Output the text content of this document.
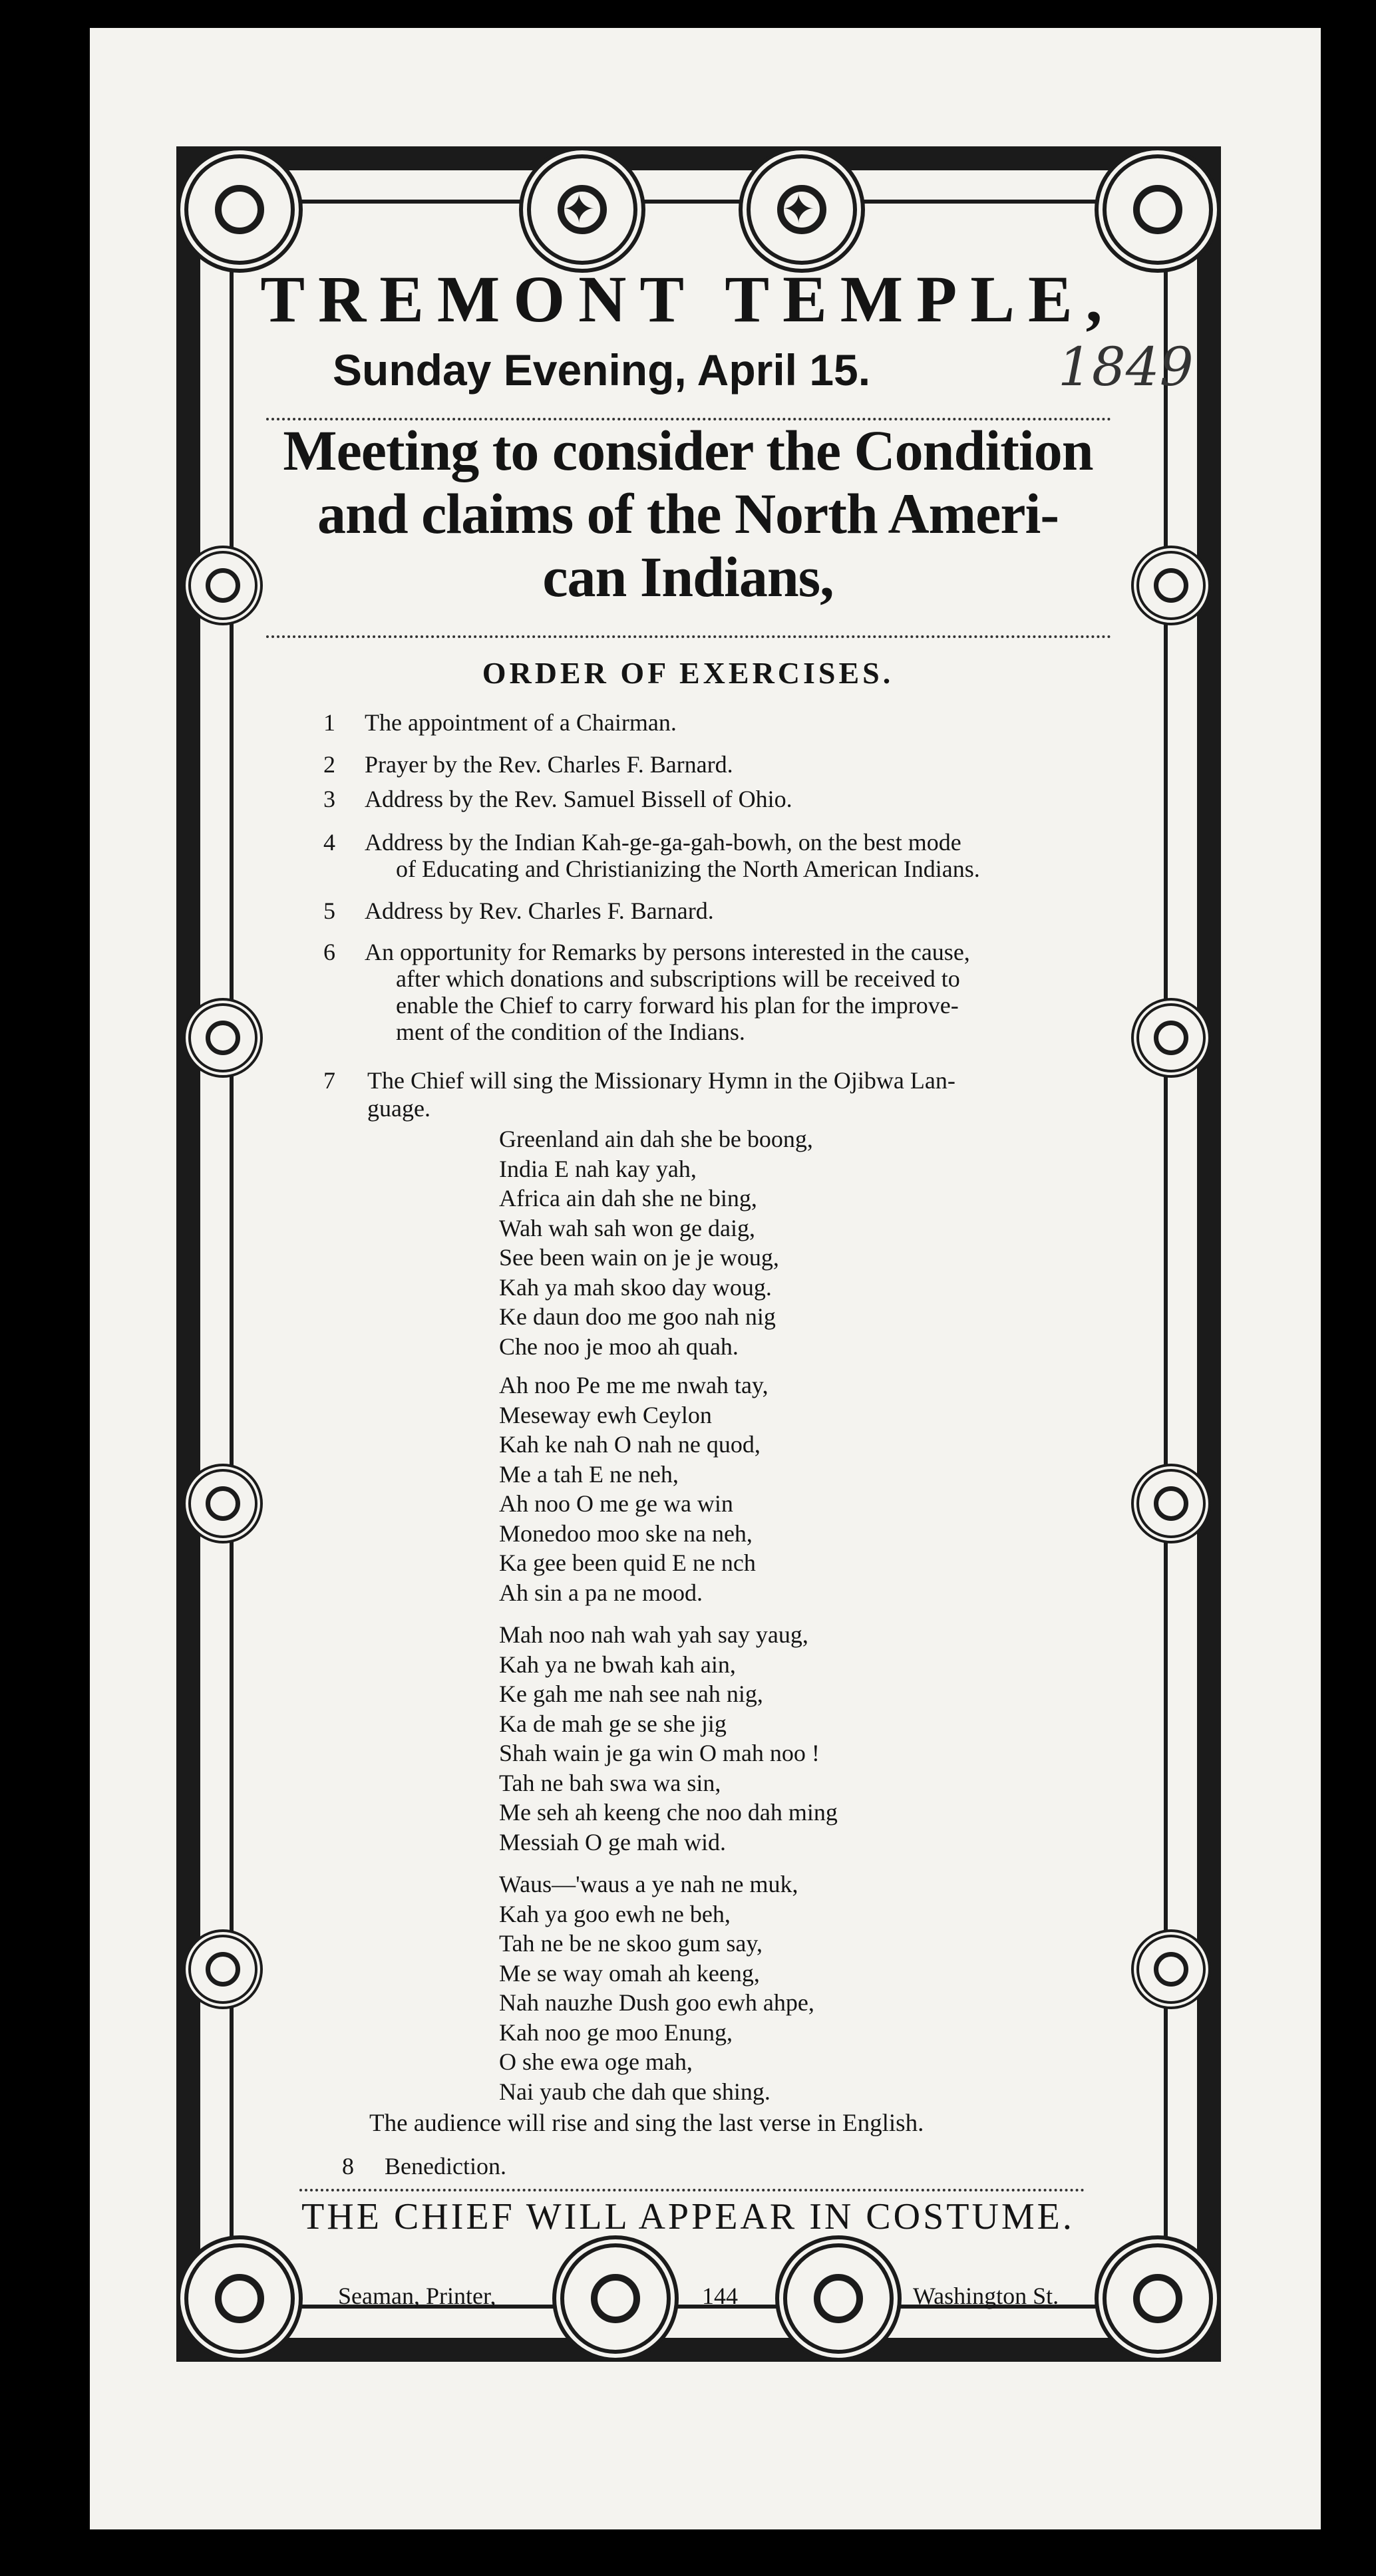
✦	✦
TREMONT TEMPLE,
Sunday Evening, April 15.	1849
Meeting to consider the Condition
and claims of the North Ameri-
can Indians,
ORDER OF EXERCISES.
1 The appointment of a Chairman.
2 Prayer by the Rev. Charles F. Barnard.
3 Address by the Rev. Samuel Bissell of Ohio.
4 Address by the Indian Kah-ge-ga-gah-bowh, on the best mode
of Educating and Christianizing the North American Indians.
5 Address by Rev. Charles F. Barnard.
6 An opportunity for Remarks by persons interested in the cause,
after which donations and subscriptions will be received to
enable the Chief to carry forward his plan for the improve-
ment of the condition of the Indians.
7 The Chief will sing the Missionary Hymn in the Ojibwa Lan-
guage.
Greenland ain dah she be boong,
India E nah kay yah,
Africa ain dah she ne bing,
Wah wah sah won ge daig,
See been wain on je je woug,
Kah ya mah skoo day woug.
Ke daun doo me goo nah nig
Che noo je moo ah quah.
Ah noo Pe me me nwah tay,
Meseway ewh Ceylon
Kah ke nah O nah ne quod,
Me a tah E ne neh,
Ah noo O me ge wa win
Monedoo moo ske na neh,
Ka gee been quid E ne nch
Ah sin a pa ne mood.
Mah noo nah wah yah say yaug,
Kah ya ne bwah kah ain,
Ke gah me nah see nah nig,
Ka de mah ge se she jig
Shah wain je ga win O mah noo !
Tah ne bah swa wa sin,
Me seh ah keeng che noo dah ming
Messiah O ge mah wid.
Waus—'waus a ye nah ne muk,
Kah ya goo ewh ne beh,
Tah ne be ne skoo gum say,
Me se way omah ah keeng,
Nah nauzhe Dush goo ewh ahpe,
Kah noo ge moo Enung,
O she ewa oge mah,
Nai yaub che dah que shing.
The audience will rise and sing the last verse in English.
8 Benediction.
THE CHIEF WILL APPEAR IN COSTUME.
Seaman, Printer,	144	Washington St.
